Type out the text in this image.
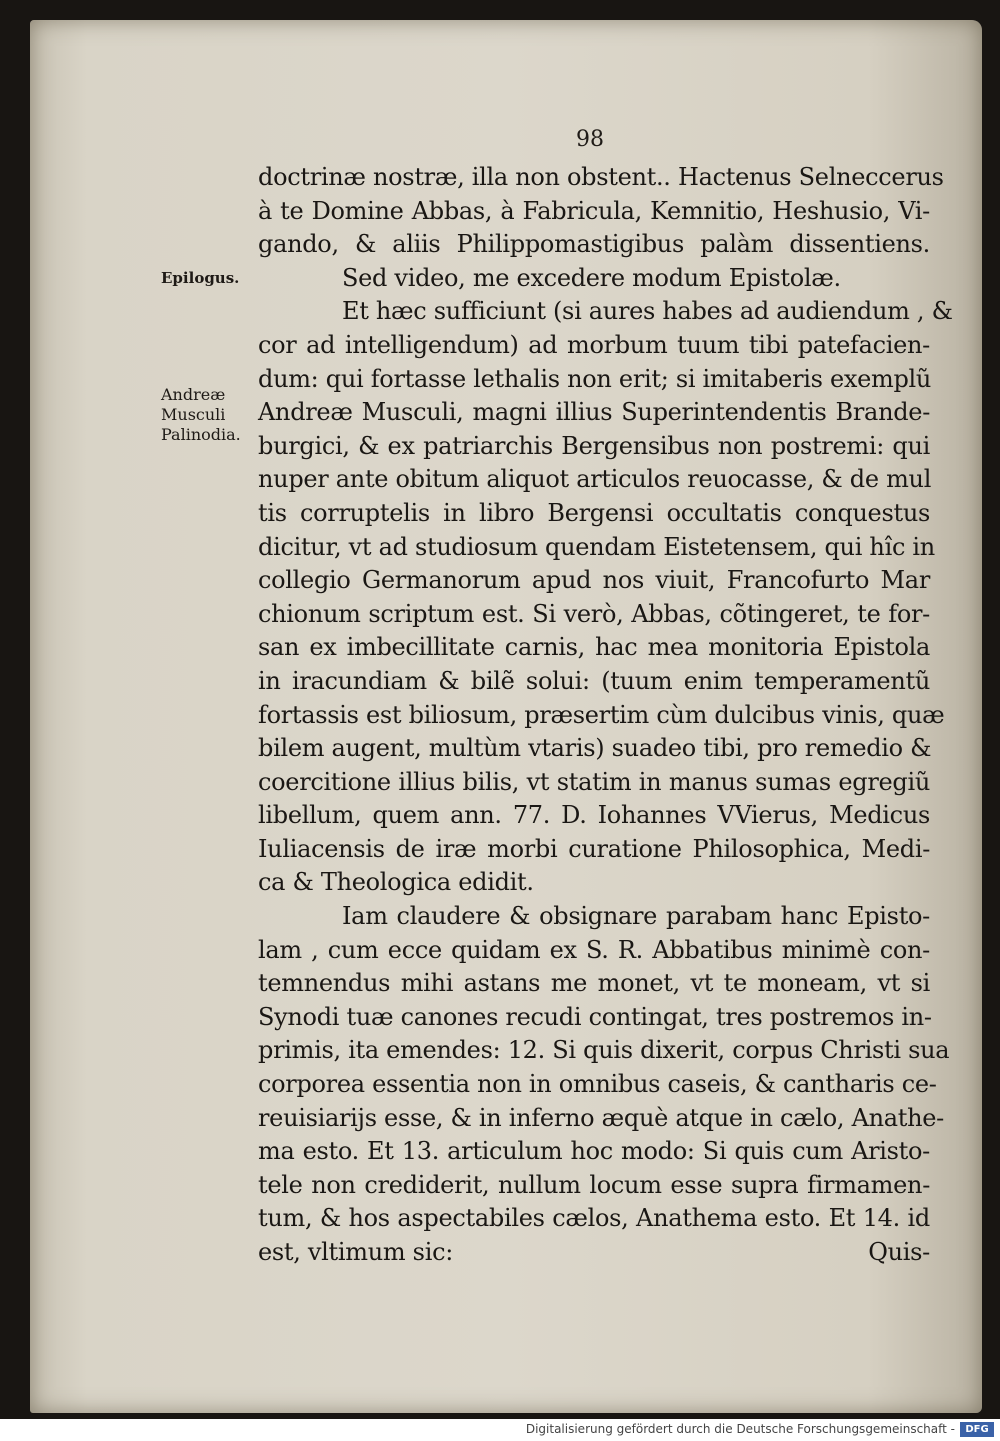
98
Epilogus.
Andreæ
Musculi
Palinodia.
doctrinæ nostræ, illa non obstent.. Hactenus Selneccerus
à te Domine Abbas, à Fabricula, Kemnitio, Heshusio, Vi-
gando, & aliis Philippomastigibus palàm dissentiens.
Sed video, me excedere modum Epistolæ.
Et hæc sufficiunt (si aures habes ad audiendum , &
cor ad intelligendum) ad morbum tuum tibi patefacien-
dum: qui fortasse lethalis non erit; si imitaberis exemplũ
Andreæ Musculi, magni illius Superintendentis Brande-
burgici, & ex patriarchis Bergensibus non postremi: qui
nuper ante obitum aliquot articulos reuocasse, & de mul
tis corruptelis in libro Bergensi occultatis conquestus
dicitur, vt ad studiosum quendam Eistetensem, qui hîc in
collegio Germanorum apud nos viuit, Francofurto Mar
chionum scriptum est. Si verò, Abbas, cõtingeret, te for-
san ex imbecillitate carnis, hac mea monitoria Epistola
in iracundiam & bilẽ solui: (tuum enim temperamentũ
fortassis est biliosum, præsertim cùm dulcibus vinis, quæ
bilem augent, multùm vtaris) suadeo tibi, pro remedio &
coercitione illius bilis, vt statim in manus sumas egregiũ
libellum, quem ann. 77. D. Iohannes VVierus, Medicus
Iuliacensis de iræ morbi curatione Philosophica, Medi-
ca & Theologica edidit.
Iam claudere & obsignare parabam hanc Episto-
lam , cum ecce quidam ex S. R. Abbatibus minimè con-
temnendus mihi astans me monet, vt te moneam, vt si
Synodi tuæ canones recudi contingat, tres postremos in-
primis, ita emendes: 12. Si quis dixerit, corpus Christi sua
corporea essentia non in omnibus caseis, & cantharis ce-
reuisiarijs esse, & in inferno æquè atque in cælo, Anathe-
ma esto. Et 13. articulum hoc modo: Si quis cum Aristo-
tele non crediderit, nullum locum esse supra firmamen-
tum, & hos aspectabiles cælos, Anathema esto. Et 14. id
est, vltimum sic:	Quis-
Digitalisierung gefördert durch die Deutsche Forschungsgemeinschaft -	DFG
